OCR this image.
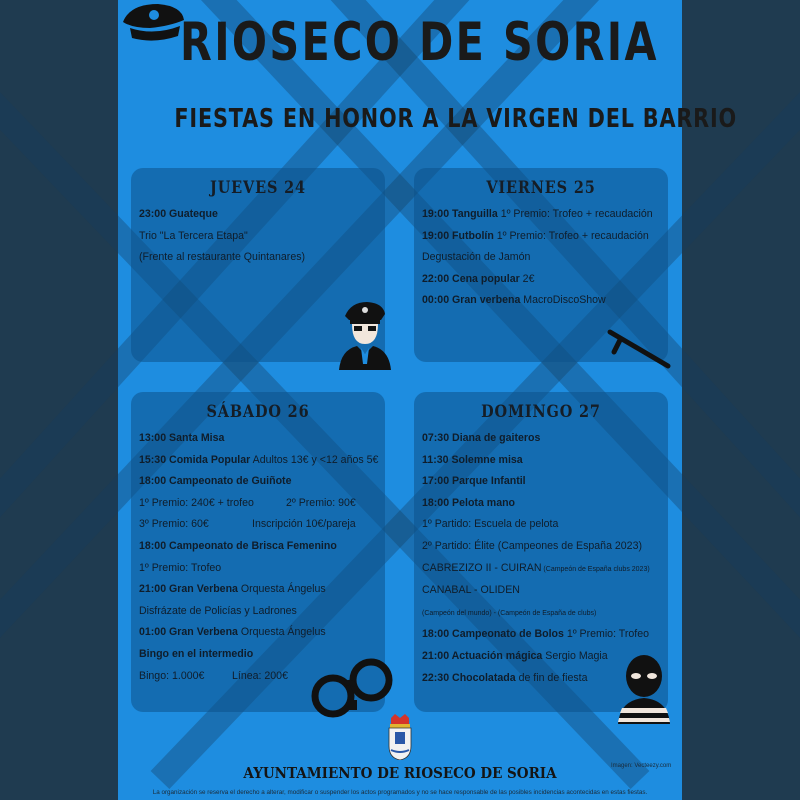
RIOSECO DE SORIA
FIESTAS EN HONOR A LA VIRGEN DEL BARRIO
JUEVES 24
23:00 Guateque
Trio "La Tercera Etapa"
(Frente al restaurante Quintanares)
VIERNES 25
19:00 Tanguilla 1º Premio: Trofeo + recaudación
19:00 Futbolín 1º Premio: Trofeo + recaudación
Degustación de Jamón
22:00 Cena popular 2€
00:00 Gran verbena MacroDiscoShow
SÁBADO 26
13:00 Santa Misa
15:30 Comida Popular Adultos 13€ y <12 años 5€
18:00 Campeonato de Guiñote
1º Premio: 240€ + trofeo	2º Premio: 90€
3º Premio: 60€	Inscripción 10€/pareja
18:00 Campeonato de Brisca Femenino
1º Premio: Trofeo
21:00 Gran Verbena Orquesta Ángelus
Disfrázate de Policías y Ladrones
01:00 Gran Verbena Orquesta Ángelus
Bingo en el intermedio
Bingo: 1.000€	Línea: 200€
DOMINGO 27
07:30 Diana de gaiteros
11:30 Solemne misa
17:00 Parque Infantil
18:00 Pelota mano
1º Partido: Escuela de pelota
2º Partido: Élite (Campeones de España 2023)
CABREZIZO II - CUIRAN (Campeón de España clubs 2023)
CANABAL - OLIDEN
(Campeón del mundo) - (Campeón de España de clubs)
18:00 Campeonato de Bolos 1º Premio: Trofeo
21:00 Actuación mágica Sergio Magia
22:30 Chocolatada de fin de fiesta
AYUNTAMIENTO DE RIOSECO DE SORIA	Imagen: Vecteezy.com
La organización se reserva el derecho a alterar, modificar o suspender los actos programados y no se hace responsable de las posibles incidencias acontecidas en estas fiestas.
